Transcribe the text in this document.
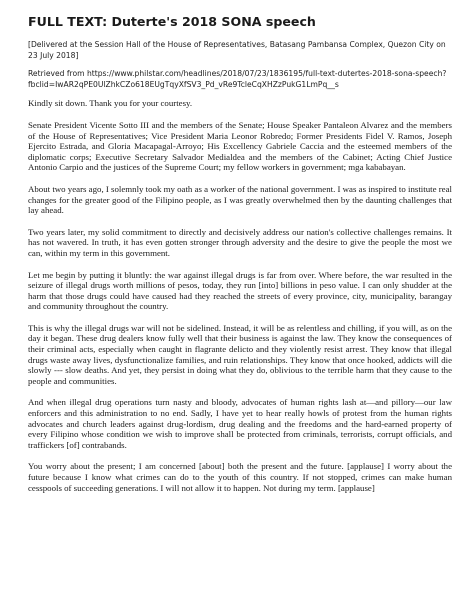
FULL TEXT: Duterte's 2018 SONA speech
[Delivered at the Session Hall of the House of Representatives, Batasang Pambansa Complex, Quezon City on 23 July 2018]
Retrieved from https://www.philstar.com/headlines/2018/07/23/1836195/full-text-dutertes-2018-sona-speech?fbclid=IwAR2qPE0UlZhkCZo618EUgTqyXfSV3_Pd_vRe9TcleCqXHZzPukG1LmPq__s

Kindly sit down. Thank you for your courtesy.

Senate President Vicente Sotto III and the members of the Senate; House Speaker Pantaleon Alvarez and the members of the House of Representatives; Vice President Maria Leonor Robredo; Former Presidents Fidel V. Ramos, Joseph Ejercito Estrada, and Gloria Macapagal-Arroyo; His Excellency Gabriele Caccia and the esteemed members of the diplomatic corps; Executive Secretary Salvador Medialdea and the members of the Cabinet; Acting Chief Justice Antonio Carpio and the justices of the Supreme Court; my fellow workers in government; mga kababayan.

About two years ago, I solemnly took my oath as a worker of the national government. I was as inspired to institute real changes for the greater good of the Filipino people, as I was greatly overwhelmed then by the daunting challenges that lay ahead.

Two years later, my solid commitment to directly and decisively address our nation's collective challenges remains. It has not wavered. In truth, it has even gotten stronger through adversity and the desire to give the people the most we can, within my term in this government.

Let me begin by putting it bluntly: the war against illegal drugs is far from over. Where before, the war resulted in the seizure of illegal drugs worth millions of pesos, today, they run [into] billions in peso value. I can only shudder at the harm that those drugs could have caused had they reached the streets of every province, city, municipality, barangay and community throughout the country.

This is why the illegal drugs war will not be sidelined. Instead, it will be as relentless and chilling, if you will, as on the day it began. These drug dealers know fully well that their business is against the law. They know the consequences of their criminal acts, especially when caught in flagrante delicto and they violently resist arrest. They know that illegal drugs waste away lives, dysfunctionalize families, and ruin relationships. They know that once hooked, addicts will die slowly --- slow deaths. And yet, they persist in doing what they do, oblivious to the terrible harm that they cause to the people and communities.

And when illegal drug operations turn nasty and bloody, advocates of human rights lash at—and pillory—our law enforcers and this administration to no end. Sadly, I have yet to hear really howls of protest from the human rights advocates and church leaders against drug-lordism, drug dealing and the freedoms and the hard-earned property of every Filipino whose condition we wish to improve shall be protected from criminals, terrorists, corrupt officials, and traffickers [of] contrabands.

You worry about the present; I am concerned [about] both the present and the future. [applause] I worry about the future because I know what crimes can do to the youth of this country. If not stopped, crimes can make human cesspools of succeeding generations. I will not allow it to happen. Not during my term. [applause]
